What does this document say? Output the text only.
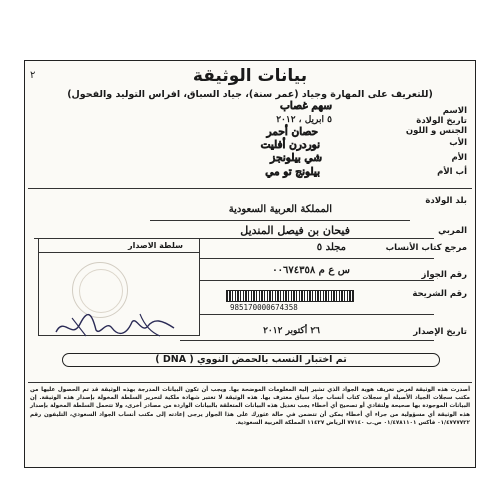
٢	بيانات الوثيقة
(للتعريف على المهارة وجياد (عمر سنة)، جياد السباق، افراس التوليد والفحول)
الاسم
سهم غصاب
تاريخ الولادة
٥ ابريل ، ٢٠١٢
الجنس و اللون
حصان أحمر
الأب
نوردرن أفليت
الأم
شي بيلونجز
أب الأم
بيلونج تو مي
بلد الولادة
المملكة العربية السعودية
المربي
فيحان بن فيصل المنديل
سلطة الاصدار	مرجع كتاب الأنساب
مجلد ٥
رقم الجواز
س ع م ٠٠٦٧٤٣٥٨
رقم الشريحة
985170000674358
تاريخ الإصدار
٢٦ أكتوبر ٢٠١٢
تم اختبار النسب بالحمض النووي ( DNA )
أصدرت هذه الوثيقة لغرض تعريف هوية الجواد الذي تشير إليه المعلومات الموضحة بها. ويجب أن تكون البيانات المدرجة بهذه الوثيقة قد تم الحصول عليها من مكتب سجلات الجياد الأصيلة أو سجلات كتاب أنساب جياد سباق معترف بها. هذه الوثيقة لا تعتبر شهادة ملكية لتحرير السلطة المخولة بإصدار هذه الوثيقة. إن البيانات الموجودة بها صحيحة ولتفادي أو تصحيح أي أخطاء يجب تعديل هذه البيانات المتعلقة بالبيانات الواردة من مصادر أخرى، ولا تتحمل السلطة المخولة بإصدار هذه الوثيقة أي مسؤولية من جراء أي أخطاء يمكن أن تتضمن في حالة عثورك على هذا الجواز يرجى إعادته إلى مكتب أنساب الجواد السعودي، التليفون رقم ٠١/٤٧٧٧٧٢٢ فاكس ٠١/٤٧٨١١٠١ ص.ب ٧٧١٤٠ الرياض ١١٤٢٧ المملكة العربية السعودية.
